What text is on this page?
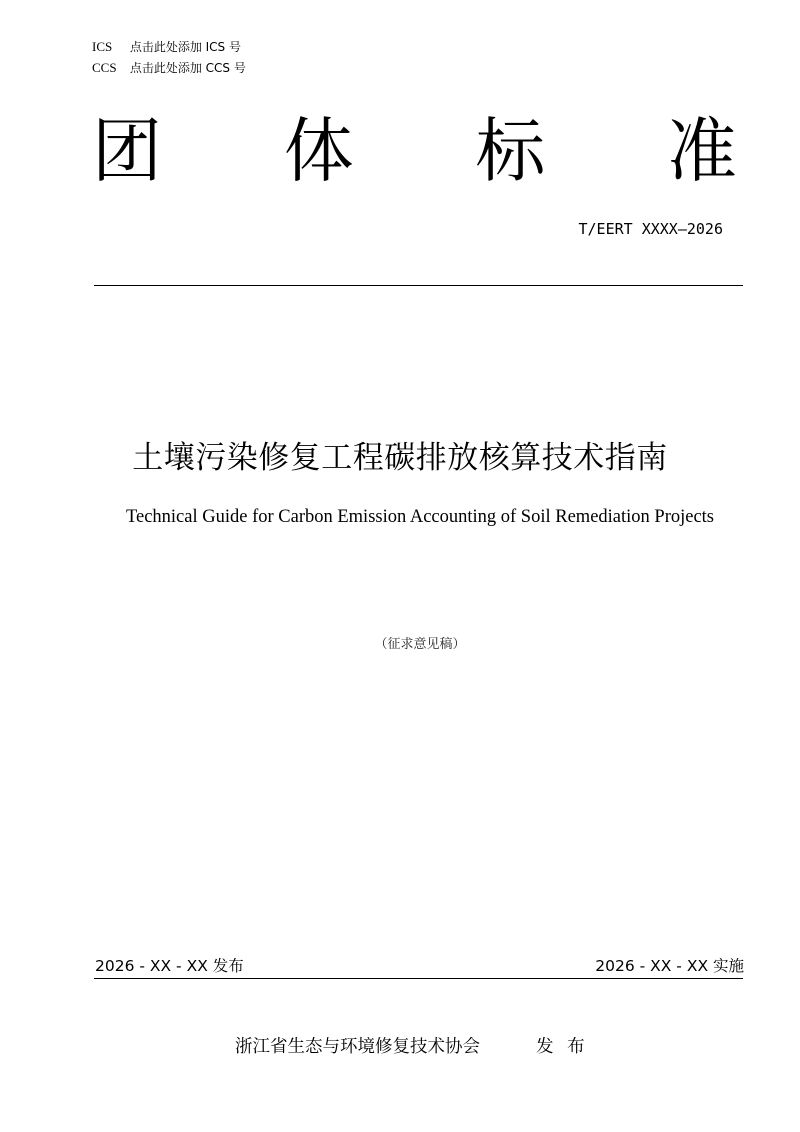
ICS 点击此处添加 ICS 号
CCS 点击此处添加 CCS 号
团 体 标 准
T/EERT XXXX—2026
土壤污染修复工程碳排放核算技术指南
Technical Guide for Carbon Emission Accounting of Soil Remediation Projects
（征求意见稿）
2026 - XX - XX 发布	2026 - XX - XX 实施
浙江省生态与环境修复技术协会	发 布
